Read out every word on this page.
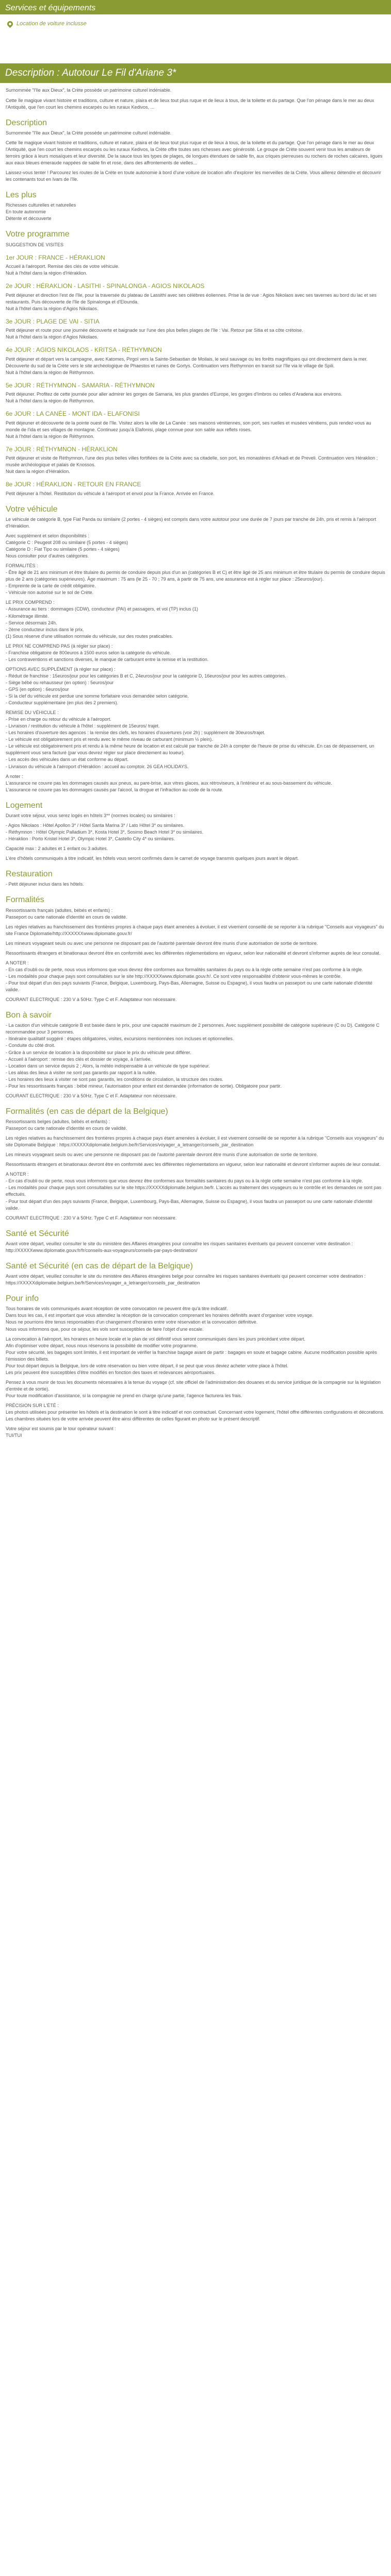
Services et équipements
Location de voiture inclusse
Description : Autotour Le Fil d'Ariane 3*

Surnommée "l'Ile aux Dieux", la Crète possède un patrimoine culturel indéniable.

Cette île magique vivant histoire et traditions, culture et nature, plaira et de lieux tout plus ruque et de lieux à tous, de la toilette et du partage. Que l'on pénage dans le mer au deux l'Antiquité, que l'en court les chemins escarpés ou les ruraux Kedivos, ...

Description

Surnommée "l'Ile aux Dieux", la Crète possède un patrimoine culturel indéniable.

Cette île magique vivant histoire et traditions, culture et nature, plaira et de lieux tout plus ruque et de lieux à tous, de la toilette et du partage. Que l'on pénage dans le mer au deux l'Antiquité, que l'en court les chemins escarpés ou les ruraux Kedivos, la Crète offre toutes ses richesses avec générosité. Le groupe de Crète souvent venir tous les amateurs de terroirs grâce à leurs mosaïques et leur diversité. De la sauce tous les types de plages, de longues étendues de sable fin, aux criques pierreuses ou rochers de roches calcaires, ligues aux eaux bleues émeraude nappées de sable fin et rose, dans des affrontements de vielles...

Laissez-vous tenter ! Parcourez les routes de la Crète en toute autonomie à bord d'une voiture de location afin d'explorer les merveilles de la Crète. Vous aillerez détendre et découvrir les contenants tout en Ivars de l'île.

Les plus
Richesses culturelles et naturelles
En toute autonomie
Détente et découverte
Votre programme

SUGGESTION DE VISITES

1er JOUR : FRANCE - HÉRAKLION

Accueil à l'aéroport. Remise des clés de votre véhicule.
Nuit à l'hôtel dans la région d'Héraklion.

2e JOUR : HÉRAKLION - LASITHI - SPINALONGA - AGIOS NIKOLAOS

Petit déjeuner et direction l'est de l'île, pour la traversée du plateau de Lassithi avec ses célèbres éoliennes. Prise la de vue : Agios Nikolaos avec ses tavernes au bord du lac et ses restaurants. Puis découverte de l'île de Spinalonga et d'Elounda.
Nuit à l'hôtel dans la région d'Agios Nikolaos.

3e JOUR : PLAGE DE VAI - SITIA

Petit déjeuner et route pour une journée découverte et baignade sur l'une des plus belles plages de l'île : Vai. Retour par Sitia et sa côte crétoise.
Nuit à l'hôtel dans la région d'Agios Nikolaos.

4e JOUR : AGIOS NIKOLAOS - KRITSA - RÉTHYMNON

Petit déjeuner et départ vers la campagne, avec Katomes, Pirgoï vers la Sainte-Sebastian de Moilais, le seul sauvage ou les forêts magnifiques qui ont directement dans la mer. Découverte du sud de la Crète vers le site archéologique de Phaestos et ruines de Gortys. Continuation vers Rethymnon en transit sur l'île via le village de Spili.
Nuit à l'hôtel dans la région de Réthymnon.

5e JOUR : RÉTHYMNON - SAMARIA - RÉTHYMNON

Petit déjeuner. Profitez de cette journée pour aller admirer les gorges de Samaria, les plus grandes d'Europe, les gorges d'Imbros ou celles d'Aradena aux environs.
Nuit à l'hôtel dans la région de Réthymnon.

6e JOUR : LA CANÉE - MONT IDA - ELAFONISI

Petit déjeuner et découverte de la pointe ouest de l'île. Visitez alors la ville de La Canée : ses maisons vénitiennes, son port, ses ruelles et musées vénitiens, puis rendez-vous au monde de l'ida et ses villages de montagne. Continuez jusqu'à Elafonisi, plage connue pour son sable aux reflets roses.
Nuit à l'hôtel dans la région de Réthymnon.

7e JOUR : RÉTHYMNON - HÉRAKLION

Petit déjeuner et visite de Réthymnon, l'une des plus belles villes fortifiées de la Crète avec sa citadelle, son port, les monastères d'Arkadi et de Preveli. Continuation vers Héraklion ; musée archéologique et palais de Knossos.
Nuit dans la région d'Héraklion.

8e JOUR : HÉRAKLION - RETOUR EN FRANCE

Petit déjeuner à l'hôtel. Restitution du véhicule à l'aéroport et envol pour la France. Arrivée en France.

Votre véhicule

Le véhicule de catégorie B, type Fiat Panda ou similaire (2 portes - 4 sièges) est compris dans votre autotour pour une durée de 7 jours par tranche de 24h, pris et remis à l'aéroport d'Héraklion.

Avec supplément et selon disponibilités :
Catégorie C : Peugeot 208 ou similaire (5 portes - 4 sièges)
Catégorie D : Fiat Tipo ou similaire (5 portes - 4 sièges)
Nous consulter pour d'autres catégories.

FORMALITÉS :
- Être âgé de 21 ans minimum et être titulaire du permis de conduire depuis plus d'un an (catégories B et C) et être âgé de 25 ans minimum et être titulaire du permis de conduire depuis plus de 2 ans (catégories supérieures). Âge maximum : 75 ans (le 25 - 70 ; 79 ans, à partir de 75 ans, une assurance est à régler sur place : 25euros/jour).
- Empreinte de la carte de crédit obligatoire.
- Véhicule non autorisé sur le sol de Crète.

LE PRIX COMPREND :
- Assurance au tiers : dommages (CDW), conducteur (PAI) et passagers, et vol (TP) inclus (1)
- Kilométrage illimité.
- Service désormais 24h.
- 2ème conducteur inclus dans le prix.
(1) Sous réserve d'une utilisation normale du véhicule, sur des routes praticables.

LE PRIX NE COMPREND PAS (à régler sur place) :
- Franchise obligatoire de 800euros à 1500 euros selon la catégorie du véhicule.
- Les contraventions et sanctions diverses, le manque de carburant entre la remise et la restitution.

OPTIONS AVEC SUPPLÉMENT (à régler sur place) :
- Réduit de franchise : 15euros/jour pour les catégories B et C, 24euros/jour pour la catégorie D, 16euros/jour pour les autres catégories.
- Siège bébé ou rehausseur (en option) : 5euros/jour
- GPS (en option) : 6euros/jour
- Si la clef du véhicule est perdue une somme forfaitaire vous demandée selon catégorie.
- Conducteur supplémentaire (en plus des 2 premiers).

REMISE DU VÉHICULE :
- Prise en charge ou retour du véhicule à l'aéroport.
- Livraison / restitution du véhicule à l'hôtel : supplément de 15euros/ trajet.
- Les horaires d'ouverture des agences : la remise des clefs, les horaires d'ouvertures (voir 2h) ; supplément de 30euros/trajet.
- Le véhicule est obligatoirement pris et rendu avec le même niveau de carburant (minimum ½ plein).
- Le véhicule est obligatoirement pris et rendu à la même heure de location et est calculé par tranche de 24h à compter de l'heure de prise du véhicule. En cas de dépassement, un supplément vous sera facturé (par vous devrez régler sur place directement au loueur).
- Les accès des véhicules dans un état conforme au départ.
- Livraison du véhicule à l'aéroport d'Héraklion : accueil au comptoir. 26 GEA HOLIDAYS.

A noter :
L'assurance ne couvre pas les dommages causés aux pneus, au pare-brise, aux vitres glaces, aux rétroviseurs, à l'intérieur et au sous-bassement du véhicule.
L'assurance ne couvre pas les dommages causés par l'alcool, la drogue et l'infraction au code de la route.

Logement

Durant votre séjour, vous serez logés en hôtels 3** (normes locales) ou similaires :

- Agios Nikolaos : Hôtel Apollon 3* / Hôtel Santa Marina 3* / Lato Hôtel 3* ou similaires.
- Réthymnon : Hôtel Olympic Palladium 3*, Kosta Hotel 3*, Sosimo Beach Hotel 3* ou similaires.
- Héraklion : Porto Kristel Hotel 3*, Olympic Hotel 3*, Castello City 4* ou similaires.

Capacité max : 2 adultes et 1 enfant ou 3 adultes.

L'ère d'hôtels communiqués à titre indicatif, les hôtels vous seront confirmés dans le carnet de voyage transmis quelques jours avant le départ.

Restauration

- Petit déjeuner inclus dans les hôtels.

Formalités

Ressortissants français (adultes, bébés et enfants) :
Passeport ou carte nationale d'identité en cours de validité.

Les règles relatives au franchissement des frontières propres à chaque pays étant amenées à évoluer, il est vivement conseillé de se reporter à la rubrique "Conseils aux voyageurs" du site France Diplomatie/http://XXXXXXwww.diplomatie.gouv.fr/

Les mineurs voyageant seuls ou avec une personne ne disposant pas de l'autorité parentale devront être munis d'une autorisation de sortie de territoire.

Ressortissants étrangers et binationaux devront être en conformité avec les différentes réglementations en vigueur, selon leur nationalité et devront s'informer auprès de leur consulat.

A NOTER :
- En cas d'oubli ou de perte, nous vous informons que vous devrez être conformes aux formalités sanitaires du pays ou à la règle cette semaine n'est pas conforme à la règle.
- Les modalités pour chaque pays sont consultables sur le site http://XXXXXwww.diplomatie.gouv.fr/. Ce sont votre responsabilité d'obtenir vous-mêmes le contrôle.
- Pour tout départ d'un des pays suivants (France, Belgique, Luxembourg, Pays-Bas, Allemagne, Suisse ou Espagne), il vous faudra un passeport ou une carte nationale d'identité valide.

COURANT ELECTRIQUE : 230 V à 50Hz. Type C et F. Adaptateur non nécessaire.

Bon à savoir

- La caution d'un véhicule catégorie B est basée dans le prix, pour une capacité maximum de 2 personnes. Avec supplément possibilité de catégorie supérieure (C ou D). Catégorie C recommandée pour 3 personnes.
- Itinéraire qualitatif suggéré : étapes obligatoires, visites, excursions mentionnées non incluses et optionnelles.
- Conduite du côté droit.
- Grâce à un service de location à la disponibilité sur place le prix du véhicule peut différer.
- Accueil à l'aéroport : remise des clés et dossier de voyage, à l'arrivée.
- Location dans un service depuis 2 ; Alors, la météo indispensable à un véhicule de type supérieur.
- Les aléas des lieux à visiter ne sont pas garantis par rapport à la nuitée.
- Les horaires des lieux à visiter ne sont pas garantis, les conditions de circulation, la structure des routes.
- Pour les ressortissants français : bébé mineur, l'autorisation pour enfant est demandée (information de sortie). Obligatoire pour partir.

COURANT ELECTRIQUE : 230 V à 50Hz. Type C et F. Adaptateur non nécessaire.

Formalités (en cas de départ de la Belgique)

Ressortissants belges (adultes, bébés et enfants) :
Passeport ou carte nationale d'identité en cours de validité.

Les règles relatives au franchissement des frontières propres à chaque pays étant amenées à évoluer, il est vivement conseillé de se reporter à la rubrique "Conseils aux voyageurs" du site Diplomatie Belgique : https://XXXXXdiplomatie.belgium.be/fr/Services/voyager_a_letranger/conseils_par_destination

Les mineurs voyageant seuls ou avec une personne ne disposant pas de l'autorité parentale devront être munis d'une autorisation de sortie de territoire.

Ressortissants étrangers et binationaux devront être en conformité avec les différentes réglementations en vigueur, selon leur nationalité et devront s'informer auprès de leur consulat.

A NOTER :
- En cas d'oubli ou de perte, nous vous informons que vous devrez être conformes aux formalités sanitaires du pays ou à la règle cette semaine n'est pas conforme à la règle.
- Les modalités pour chaque pays sont consultables sur le site https://XXXXXdiplomatie.belgium.be/fr. L'accès au traitement des voyageurs ou le contrôle et les demandes ne sont pas effectués.
- Pour tout départ d'un des pays suivants (France, Belgique, Luxembourg, Pays-Bas, Allemagne, Suisse ou Espagne), il vous faudra un passeport ou une carte nationale d'identité valide.

COURANT ELECTRIQUE : 230 V à 50Hz. Type C et F. Adaptateur non nécessaire.

Santé et Sécurité

Avant votre départ, veuillez consulter le site du ministère des Affaires étrangères pour connaître les risques sanitaires éventuels qui peuvent concerner votre destination : http://XXXXXwww.diplomatie.gouv.fr/fr/conseils-aux-voyageurs/conseils-par-pays-destination/

Santé et Sécurité (en cas de départ de la Belgique)

Avant votre départ, veuillez consulter le site du ministère des Affaires étrangères belge pour connaître les risques sanitaires éventuels qui peuvent concerner votre destination : https://XXXXXdiplomatie.belgium.be/fr/Services/voyager_a_letranger/conseils_par_destination

Pour info

Tous horaires de vols communiqués avant réception de votre convocation ne peuvent être qu'à titre indicatif.
Dans tous les cas, il est important que vous attendiez la réception de la convocation comprenant les horaires définitifs avant d'organiser votre voyage.
Nous ne pourrions être tenus responsables d'un changement d'horaires entre votre réservation et la convocation définitive.
Nous vous informons que, pour ce séjour, les vols sont susceptibles de faire l'objet d'une escale.

La convocation à l'aéroport, les horaires en heure locale et le plan de vol définitif vous seront communiqués dans les jours précédant votre départ.
Afin d'optimiser votre départ, nous nous réservons la possibilité de modifier votre programme.
Pour votre sécurité, les bagages sont limités, il est important de vérifier la franchise bagage avant de partir : bagages en soute et bagage cabine. Aucune modification possible après l'émission des billets.
Pour tout départ depuis la Belgique, lors de votre réservation ou bien votre départ, il se peut que vous deviez acheter votre place à l'hôtel.
Les prix peuvent être susceptibles d'être modifiés en fonction des taxes et redevances aéroportuaires.

Pensez à vous munir de tous les documents nécessaires à la tenue du voyage (cf. site officiel de l'administration des douanes et du service juridique de la compagnie sur la législation d'entrée et de sortie).
Pour toute modification d'assistance, si la compagnie ne prend en charge qu'une partie, l'agence facturera les frais.

PRÉCISION SUR L'ÉTÉ :
Les photos utilisées pour présenter les hôtels et la destination le sont à titre indicatif et non contractuel. Concernant votre logement, l'hôtel offre différentes configurations et décorations. Les chambres situées lors de votre arrivée peuvent être ainsi différentes de celles figurant en photo sur le présent descriptif.

Votre séjour est soumis par le tour opérateur suivant :
TUI/TUI
